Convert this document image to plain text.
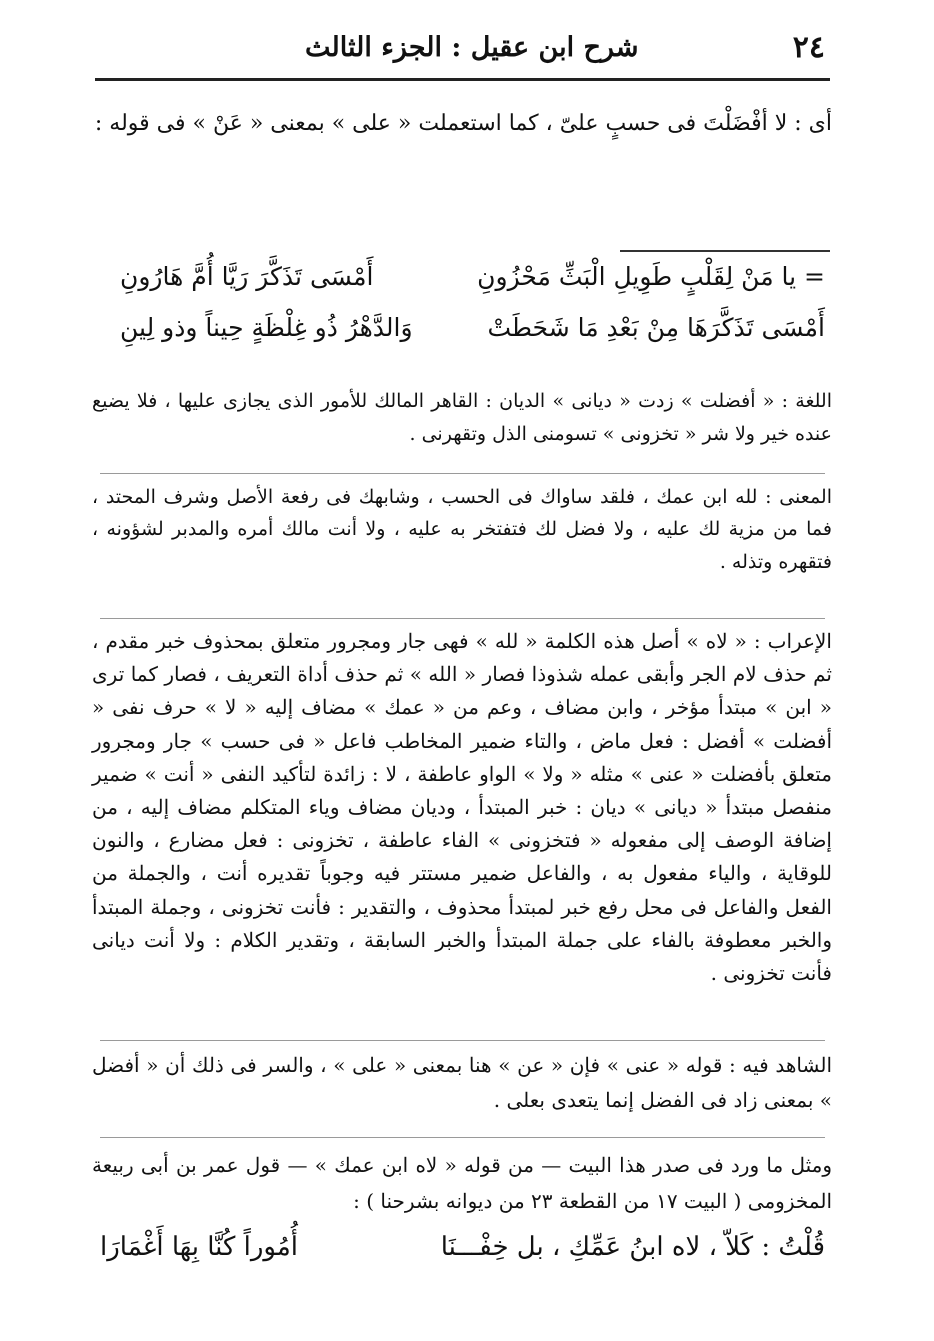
٢٤
شرح ابن عقيل : الجزء الثالث
أى : لا أفْضَلْتَ فى حسبٍ علىّ ، كما استعملت « على » بمعنى « عَنْ » فى قوله :
= يا مَنْ لِقَلْبٍ طَوِيلِ الْبَثِّ مَحْزُونِ
أَمْسَى تَذَكَّرَ رَيَّا أُمَّ هَارُونِ
أَمْسَى تَذَكَّرَهَا مِنْ بَعْدِ مَا شَحَطَتْ
وَالدَّهْرُ ذُو غِلْظَةٍ حِيناً وذو لِينِ
اللغة : « أفضلت » زدت « ديانى » الديان : القاهر المالك للأمور الذى يجازى عليها ، فلا يضيع عنده خير ولا شر « تخزونى » تسومنى الذل وتقهرنى .
المعنى : لله ابن عمك ، فلقد ساواك فى الحسب ، وشابهك فى رفعة الأصل وشرف المحتد ، فما من مزية لك عليه ، ولا فضل لك فتفتخر به عليه ، ولا أنت مالك أمره والمدبر لشؤونه ، فتقهره وتذله .
الإعراب : « لاه » أصل هذه الكلمة « لله » فهى جار ومجرور متعلق بمحذوف خبر مقدم ، ثم حذف لام الجر وأبقى عمله شذوذا فصار « الله » ثم حذف أداة التعريف ، فصار كما ترى « ابن » مبتدأ مؤخر ، وابن مضاف ، وعم من « عمك » مضاف إليه « لا » حرف نفى « أفضلت » أفضل : فعل ماض ، والتاء ضمير المخاطب فاعل « فى حسب » جار ومجرور متعلق بأفضلت « عنى » مثله « ولا » الواو عاطفة ، لا : زائدة لتأكيد النفى « أنت » ضمير منفصل مبتدأ « ديانى » ديان : خبر المبتدأ ، وديان مضاف وياء المتكلم مضاف إليه ، من إضافة الوصف إلى مفعوله « فتخزونى » الفاء عاطفة ، تخزونى : فعل مضارع ، والنون للوقاية ، والياء مفعول به ، والفاعل ضمير مستتر فيه وجوباً تقديره أنت ، والجملة من الفعل والفاعل فى محل رفع خبر لمبتدأ محذوف ، والتقدير : فأنت تخزونى ، وجملة المبتدأ والخبر معطوفة بالفاء على جملة المبتدأ والخبر السابقة ، وتقدير الكلام : ولا أنت ديانى فأنت تخزونى .
الشاهد فيه : قوله « عنى » فإن « عن » هنا بمعنى « على » ، والسر فى ذلك أن « أفضل » بمعنى زاد فى الفضل إنما يتعدى بعلى .
ومثل ما ورد فى صدر هذا البيت — من قوله « لاه ابن عمك » — قول عمر بن أبى ربيعة المخزومى ( البيت ١٧ من القطعة ٢٣ من ديوانه بشرحنا ) :
قُلْتُ : كَلاّ ، لاه ابنُ عَمِّكِ ، بل خِفْـــنَا
أُمُوراً كُنَّا بِهَا أَغْمَارَا
